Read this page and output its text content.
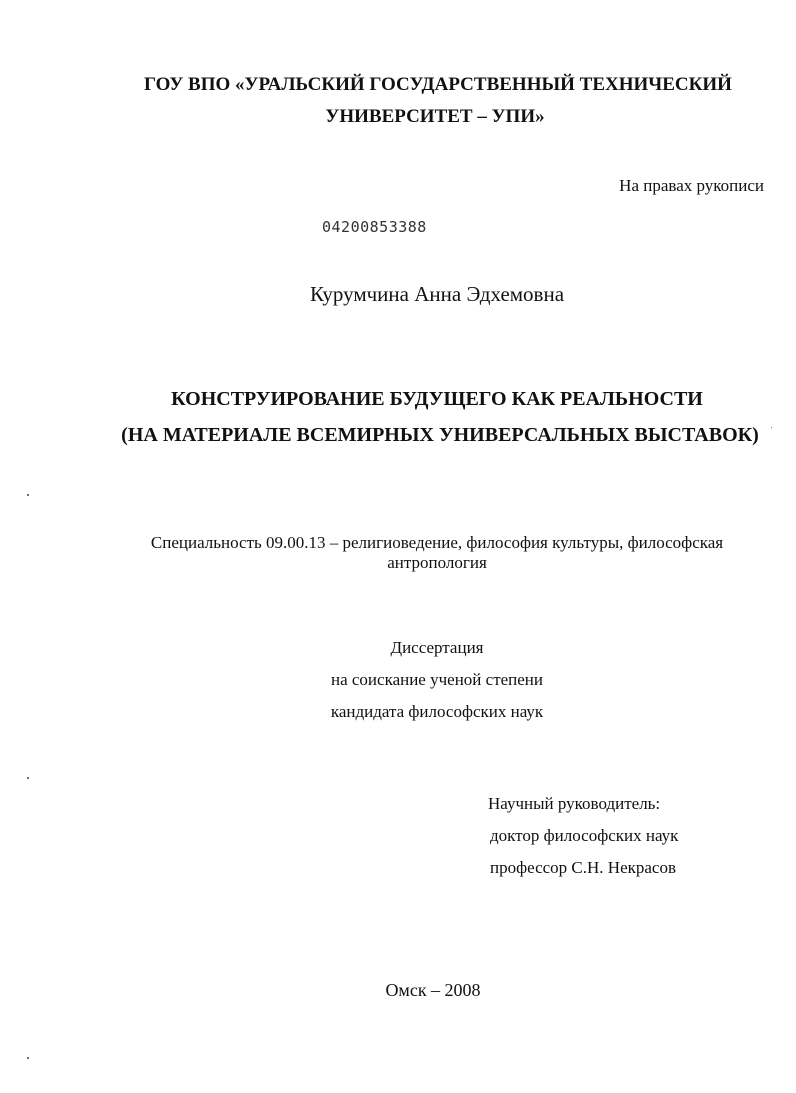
ГОУ ВПО «УРАЛЬСКИЙ ГОСУДАРСТВЕННЫЙ ТЕХНИЧЕСКИЙ
УНИВЕРСИТЕТ – УПИ»
На правах рукописи
04200853388
Курумчина Анна Эдхемовна
КОНСТРУИРОВАНИЕ БУДУЩЕГО КАК РЕАЛЬНОСТИ
(НА МАТЕРИАЛЕ ВСЕМИРНЫХ УНИВЕРСАЛЬНЫХ ВЫСТАВОК)
Специальность 09.00.13 – религиоведение, философия культуры, философская
антропология
Диссертация
на соискание ученой степени
кандидата философских наук
Научный руководитель:
доктор философских наук
профессор С.Н. Некрасов
Омск – 2008
